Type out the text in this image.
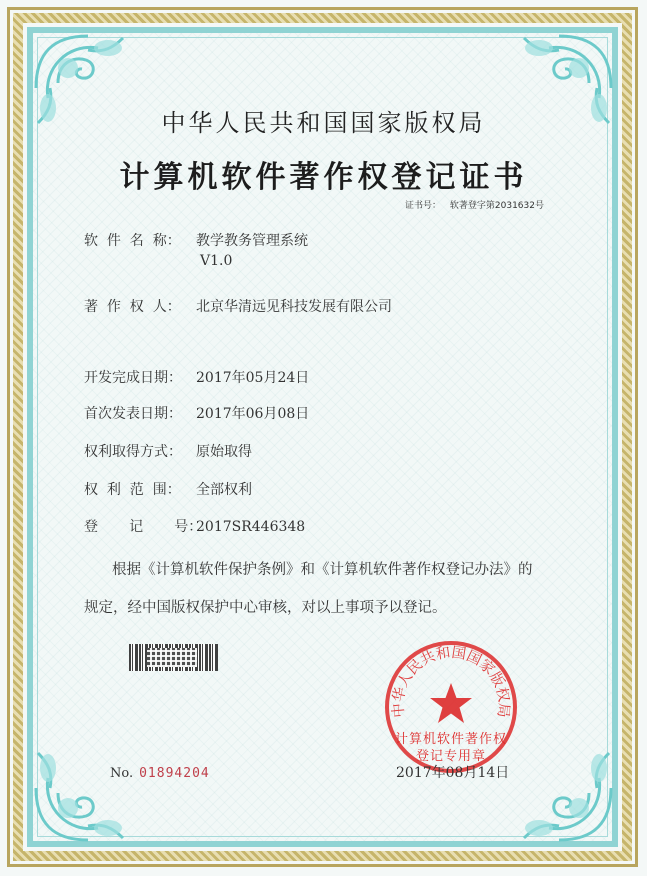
中华人民共和国国家版权局
计算机软件著作权登记证书
证书号： 软著登字第2031632号
软  件  名  称： 教学教务管理系统
V1.0
著  作  权  人： 北京华清远见科技发展有限公司
开发完成日期： 2017年05月24日
首次发表日期： 2017年06月08日
权利取得方式： 原始取得
权  利  范  围： 全部权利
登       记       号：2017SR446348
根据《计算机软件保护条例》和《计算机软件著作权登记办法》的
规定，经中国版权保护中心审核，对以上事项予以登记。
中华人民共和国国家版权局
计算机软件著作权
登记专用章
No. 01894204	2017年08月14日
